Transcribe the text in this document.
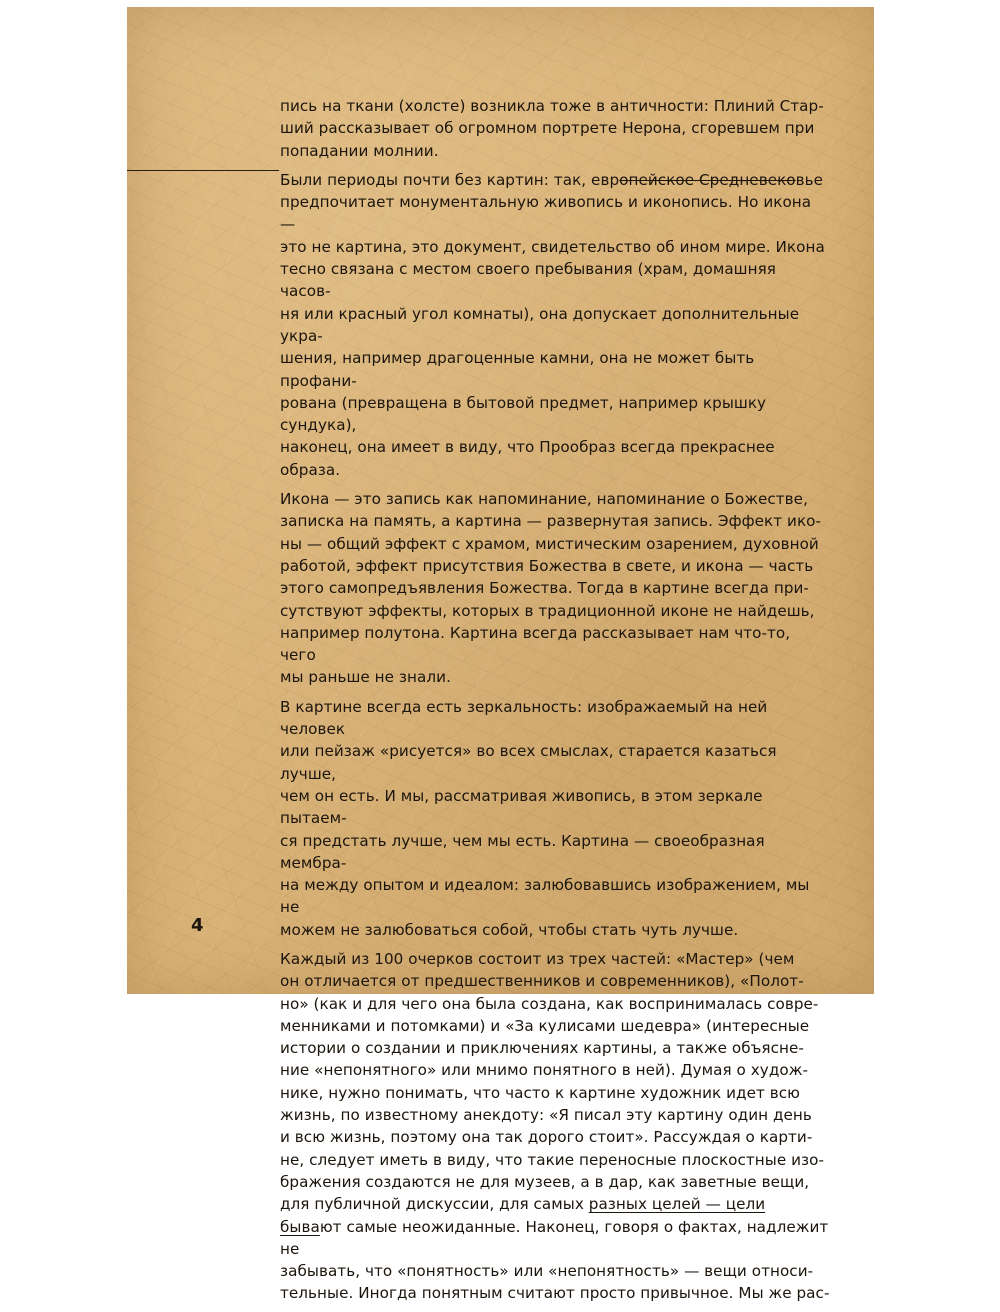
пись на ткани (холсте) возникла тоже в античности: Плиний Стар-
ший рассказывает об огромном портрете Нерона, сгоревшем при
попадании молнии.

Были периоды почти без картин: так, европейское Средневековье
предпочитает монументальную живопись и иконопись. Но икона —
это не картина, это документ, свидетельство об ином мире. Икона
тесно связана с местом своего пребывания (храм, домашняя часов-
ня или красный угол комнаты), она допускает дополнительные укра-
шения, например драгоценные камни, она не может быть профани-
рована (превращена в бытовой предмет, например крышку сундука),
наконец, она имеет в виду, что Прообраз всегда прекраснее образа.

Икона — это запись как напоминание, напоминание о Божестве,
записка на память, а картина — развернутая запись. Эффект ико-
ны — общий эффект с храмом, мистическим озарением, духовной
работой, эффект присутствия Божества в свете, и икона — часть
этого самопредъявления Божества. Тогда в картине всегда при-
сутствуют эффекты, которых в традиционной иконе не найдешь,
например полутона. Картина всегда рассказывает нам что-то, чего
мы раньше не знали.

В картине всегда есть зеркальность: изображаемый на ней человек
или пейзаж «рисуется» во всех смыслах, старается казаться лучше,
чем он есть. И мы, рассматривая живопись, в этом зеркале пытаем-
ся предстать лучше, чем мы есть. Картина — своеобразная мембра-
на между опытом и идеалом: залюбовавшись изображением, мы не
можем не залюбоваться собой, чтобы стать чуть лучше.

Каждый из 100 очерков состоит из трех частей: «Мастер» (чем
он отличается от предшественников и современников), «Полот-
но» (как и для чего она была создана, как воспринималась совре-
менниками и потомками) и «За кулисами шедевра» (интересные
истории о создании и приключениях картины, а также объясне-
ние «непонятного» или мнимо понятного в ней). Думая о худож-
нике, нужно понимать, что часто к картине художник идет всю
жизнь, по известному анекдоту: «Я писал эту картину один день
и всю жизнь, поэтому она так дорого стоит». Рассуждая о карти-
не, следует иметь в виду, что такие переносные плоскостные изо-
бражения создаются не для музеев, а в дар, как заветные вещи,
для публичной дискуссии, для самых разных целей — цели бывают самые неожиданные. Наконец, говоря о фактах, надлежит не
забывать, что «понятность» или «непонятность» — вещи относи-
тельные. Иногда понятным считают просто привычное. Мы же рас-

4
